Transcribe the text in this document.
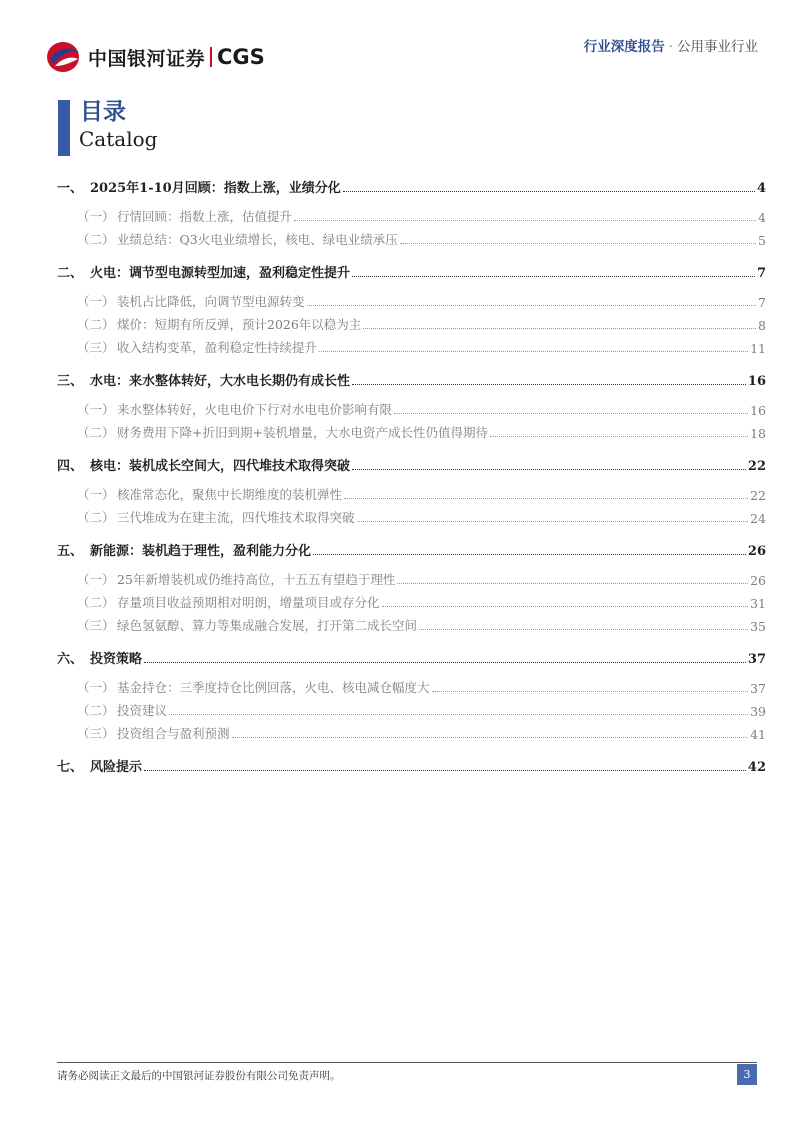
中国银河证券 CGS	行业深度报告 · 公用事业行业
目录
Catalog
一、 2025年1-10月回顾：指数上涨，业绩分化	4
（一） 行情回顾：指数上涨，估值提升	4
（二） 业绩总结：Q3火电业绩增长，核电、绿电业绩承压	5
二、 火电：调节型电源转型加速，盈利稳定性提升	7
（一） 装机占比降低，向调节型电源转变	7
（二） 煤价：短期有所反弹，预计2026年以稳为主	8
（三） 收入结构变革，盈利稳定性持续提升	11
三、 水电：来水整体转好，大水电长期仍有成长性	16
（一） 来水整体转好，火电电价下行对水电电价影响有限	16
（二） 财务费用下降+折旧到期+装机增量，大水电资产成长性仍值得期待	18
四、 核电：装机成长空间大，四代堆技术取得突破	22
（一） 核准常态化，聚焦中长期维度的装机弹性	22
（二） 三代堆成为在建主流，四代堆技术取得突破	24
五、 新能源：装机趋于理性，盈利能力分化	26
（一） 25年新增装机或仍维持高位，十五五有望趋于理性	26
（二） 存量项目收益预期相对明朗，增量项目或存分化	31
（三） 绿色氢氨醇、算力等集成融合发展，打开第二成长空间	35
六、 投资策略	37
（一） 基金持仓：三季度持仓比例回落，火电、核电减仓幅度大	37
（二） 投资建议	39
（三） 投资组合与盈利预测	41
七、 风险提示	42
请务必阅读正文最后的中国银河证券股份有限公司免责声明。	3
